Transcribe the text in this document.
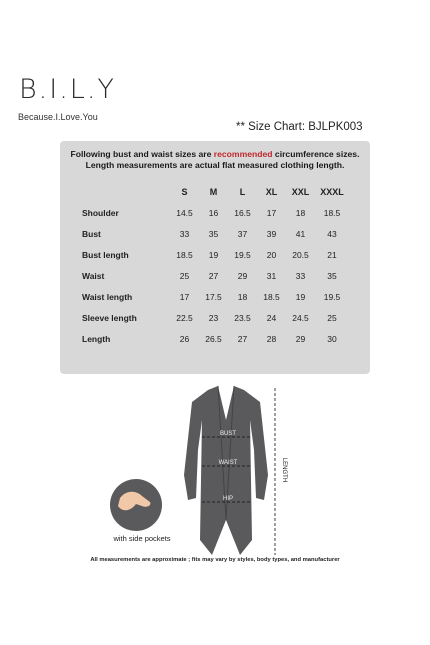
B.I.L.Y
Because.I.Love.You
** Size Chart: BJLPK003
Following bust and waist sizes are recommended circumference sizes.
Length measurements are actual flat measured clothing length.
	S	M	L	XL	XXL	XXXL
Shoulder	14.5	16	16.5	17	18	18.5
Bust	33	35	37	39	41	43
Bust length	18.5	19	19.5	20	20.5	21
Waist	25	27	29	31	33	35
Waist length	17	17.5	18	18.5	19	19.5
Sleeve length	22.5	23	23.5	24	24.5	25
Length	26	26.5	27	28	29	30
BUST
WAIST
HIP
LENGTH
with side pockets
All measurements are approximate ; fits may vary by styles, body types, and manufacturer
